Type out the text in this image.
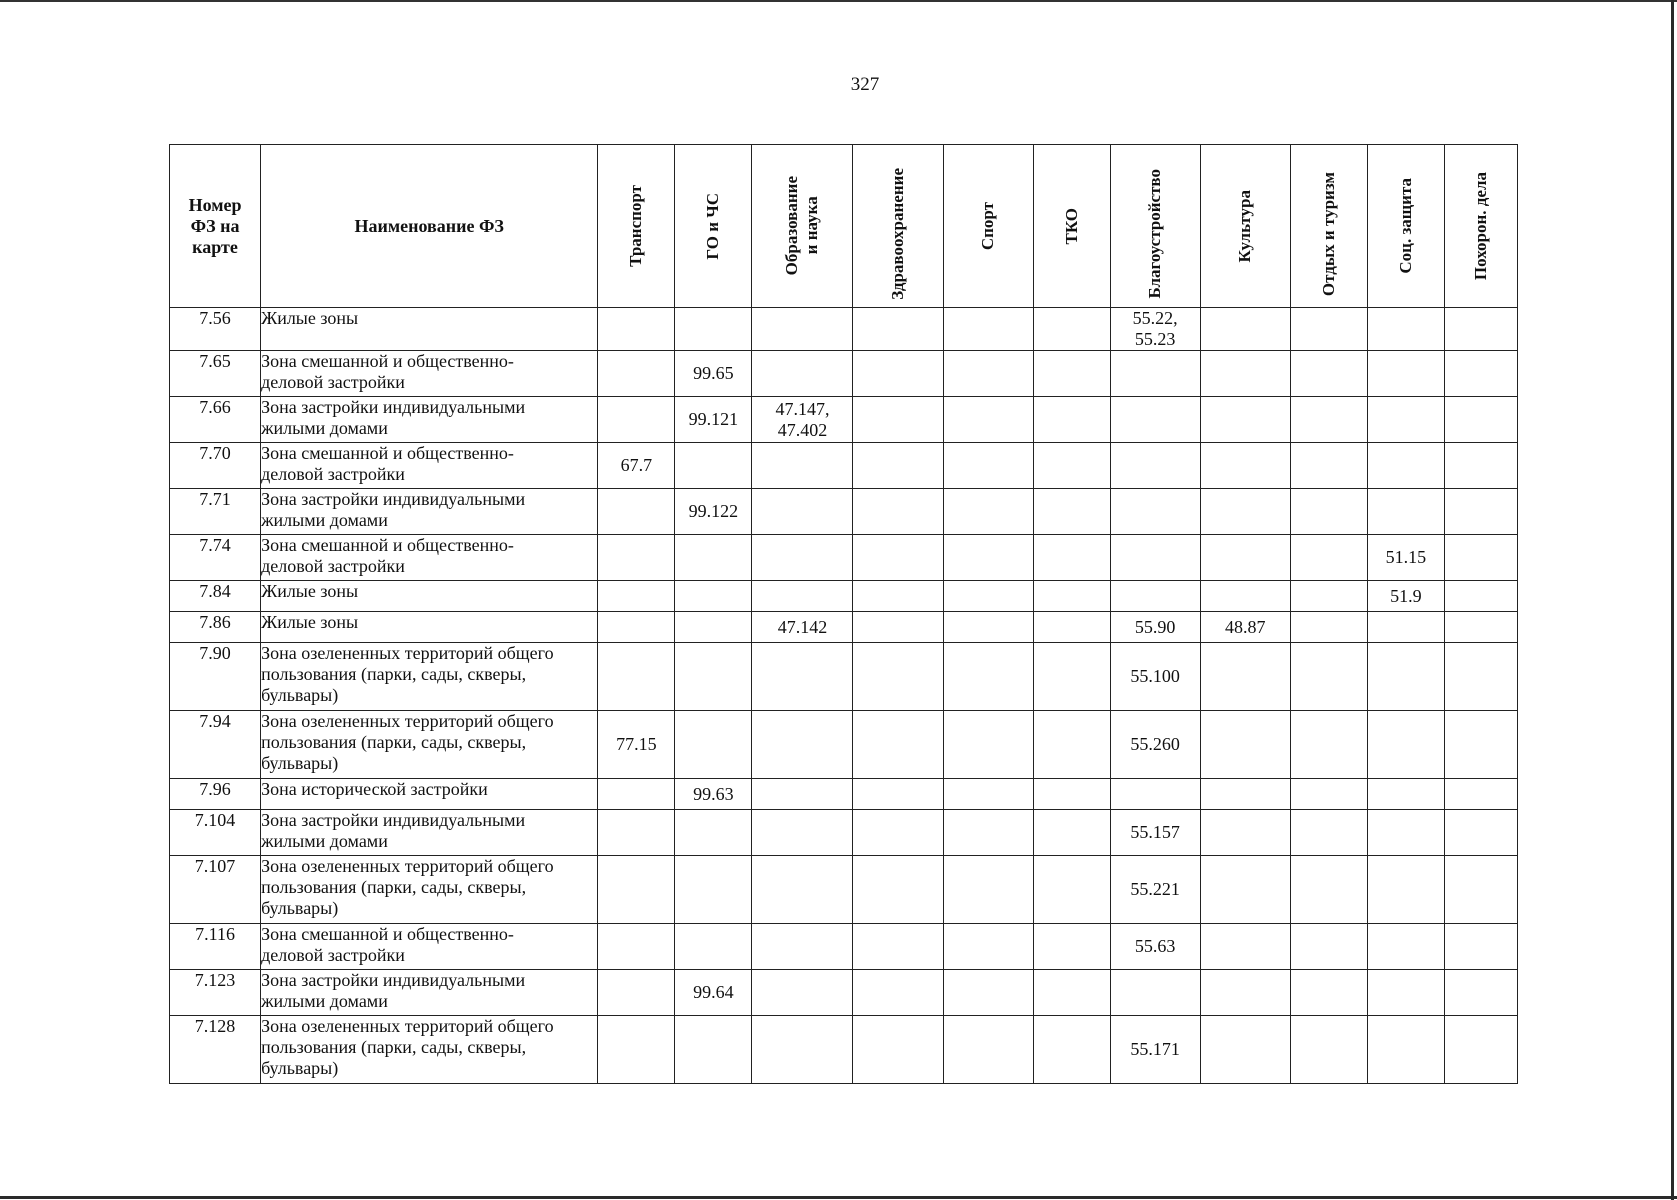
327
Номер
ФЗ на
карте	Наименование ФЗ	Транспорт	ГО и ЧС	Образование и наука	Здравоохранение	Спорт	ТКО	Благоустройство	Культура	Отдых и туризм	Соц. защита	Похорон. дела

7.56	Жилые зоны							55.22,
55.23				

7.65	Зона смешанной и общественно-
деловой застройки		99.65									
7.66	Зона застройки индивидуальными
жилыми домами		99.121	47.147,
47.402								

7.70	Зона смешанной и общественно-
деловой застройки	67.7										
7.71	Зона застройки индивидуальными
жилыми домами		99.122									
7.74	Зона смешанной и общественно-
деловой застройки										51.15	
7.84	Жилые зоны										51.9	
7.86	Жилые зоны			47.142				55.90	48.87			
7.90	Зона озелененных территорий общего
пользования (парки, сады, скверы,
бульвары)							55.100				
7.94	Зона озелененных территорий общего
пользования (парки, сады, скверы,
бульвары)	77.15						55.260				
7.96	Зона исторической застройки		99.63									
7.104	Зона застройки индивидуальными
жилыми домами							55.157				
7.107	Зона озелененных территорий общего
пользования (парки, сады, скверы,
бульвары)							55.221				
7.116	Зона смешанной и общественно-
деловой застройки							55.63				
7.123	Зона застройки индивидуальными
жилыми домами		99.64									
7.128	Зона озелененных территорий общего
пользования (парки, сады, скверы,
бульвары)							55.171				
